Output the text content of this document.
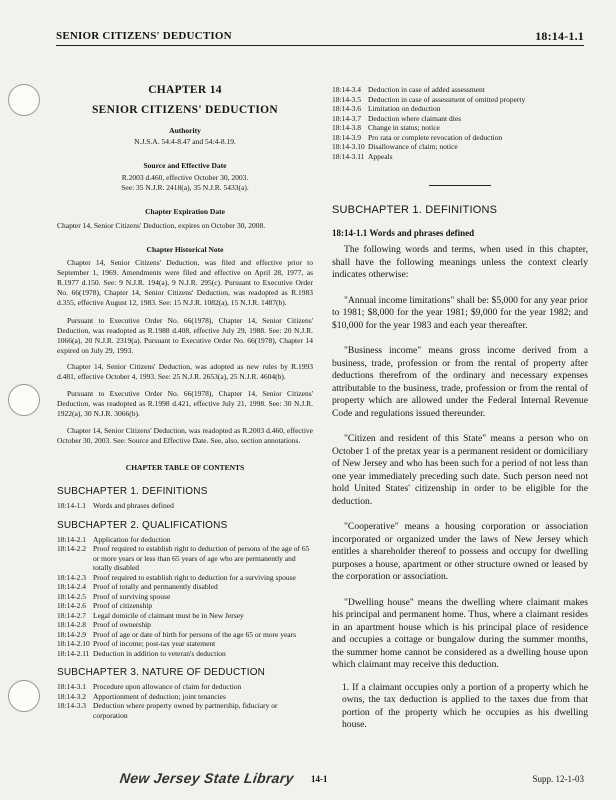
SENIOR CITIZENS' DEDUCTION	18:14-1.1

CHAPTER 14

SENIOR CITIZENS' DEDUCTION

Authority

N.J.S.A. 54:4-8.47 and 54:4-8.19.

Source and Effective Date

R.2003 d.460, effective October 30, 2003.

See: 35 N.J.R. 2418(a), 35 N.J.R. 5433(a).

Chapter Expiration Date

Chapter 14, Senior Citizens' Deduction, expires on October 30, 2008.

Chapter Historical Note

Chapter 14, Senior Citizens' Deduction, was filed and effective prior to September 1, 1969. Amendments were filed and effective on April 28, 1977, as R.1977 d.150. See: 9 N.J.R. 194(a), 9 N.J.R. 295(c). Pursuant to Executive Order No. 66(1978), Chapter 14, Senior Citizens' Deduction, was readopted as R.1983 d.355, effective August 12, 1983. See: 15 N.J.R. 1082(a), 15 N.J.R. 1487(b).

Pursuant to Executive Order No. 66(1978), Chapter 14, Senior Citizens' Deduction, was readopted as R.1988 d.408, effective July 29, 1988. See: 20 N.J.R. 1066(a), 20 N.J.R. 2319(a). Pursuant to Executive Order No. 66(1978), Chapter 14 expired on July 29, 1993.

Chapter 14, Senior Citizens' Deduction, was adopted as new rules by R.1993 d.481, effective October 4, 1993. See: 25 N.J.R. 2653(a), 25 N.J.R. 4604(b).

Pursuant to Executive Order No. 66(1978), Chapter 14, Senior Citizens' Deduction, was readopted as R.1998 d.421, effective July 21, 1998. See: 30 N.J.R. 1922(a), 30 N.J.R. 3066(b).

Chapter 14, Senior Citizens' Deduction, was readopted as R.2003 d.460, effective October 30, 2003. See: Source and Effective Date. See, also, section annotations.

CHAPTER TABLE OF CONTENTS

SUBCHAPTER 1. DEFINITIONS

18:14-1.1 Words and phrases defined

SUBCHAPTER 2. QUALIFICATIONS

18:14-2.1 Application for deduction
18:14-2.2 Proof required to establish right to deduction of persons of the age of 65 or more years or less than 65 years of age who are permanently and totally disabled
18:14-2.3 Proof required to establish right to deduction for a surviving spouse
18:14-2.4 Proof of totally and permanently disabled
18:14-2.5 Proof of surviving spouse
18:14-2.6 Proof of citizenship
18:14-2.7 Legal domicile of claimant must be in New Jersey
18:14-2.8 Proof of ownership
18:14-2.9 Proof of age or date of birth for persons of the age 65 or more years
18:14-2.10 Proof of income; post-tax year statement
18:14-2.11 Deduction in addition to veteran's deduction

SUBCHAPTER 3. NATURE OF DEDUCTION

18:14-3.1 Procedure upon allowance of claim for deduction
18:14-3.2 Apportionment of deduction; joint tenancies
18:14-3.3 Deduction where property owned by partnership, fiduciary or corporation
18:14-3.4 Deduction in case of added assessment
18:14-3.5 Deduction in case of assessment of omitted property
18:14-3.6 Limitation on deduction
18:14-3.7 Deduction where claimant dies
18:14-3.8 Change in status; notice
18:14-3.9 Pro rata or complete revocation of deduction
18:14-3.10 Disallowance of claim; notice
18:14-3.11 Appeals

SUBCHAPTER 1. DEFINITIONS

18:14-1.1 Words and phrases defined

The following words and terms, when used in this chapter, shall have the following meanings unless the context clearly indicates otherwise:

"Annual income limitations" shall be: $5,000 for any year prior to 1981; $8,000 for the year 1981; $9,000 for the year 1982; and $10,000 for the year 1983 and each year thereafter.

"Business income" means gross income derived from a business, trade, profession or from the rental of property after deductions therefrom of the ordinary and necessary expenses attributable to the business, trade, profession or from the rental of property which are allowed under the Federal Internal Revenue Code and regulations issued thereunder.

"Citizen and resident of this State" means a person who on October 1 of the pretax year is a permanent resident or domiciliary of New Jersey and who has been such for a period of not less than one year immediately preceding such date. Such person need not hold United States' citizenship in order to be eligible for the deduction.

"Cooperative" means a housing corporation or association incorporated or organized under the laws of New Jersey which entitles a shareholder thereof to possess and occupy for dwelling purposes a house, apartment or other structure owned or leased by the corporation or association.

"Dwelling house" means the dwelling where claimant makes his principal and permanent home. Thus, where a claimant resides in an apartment house which is his principal place of residence and occupies a cottage or bungalow during the summer months, the summer home cannot be considered as a dwelling house upon which claimant may receive this deduction.

1. If a claimant occupies only a portion of a property which he owns, the tax deduction is applied to the taxes due from that portion of the property which he occupies as his dwelling house.

New Jersey State Library 14-1	Supp. 12-1-03
